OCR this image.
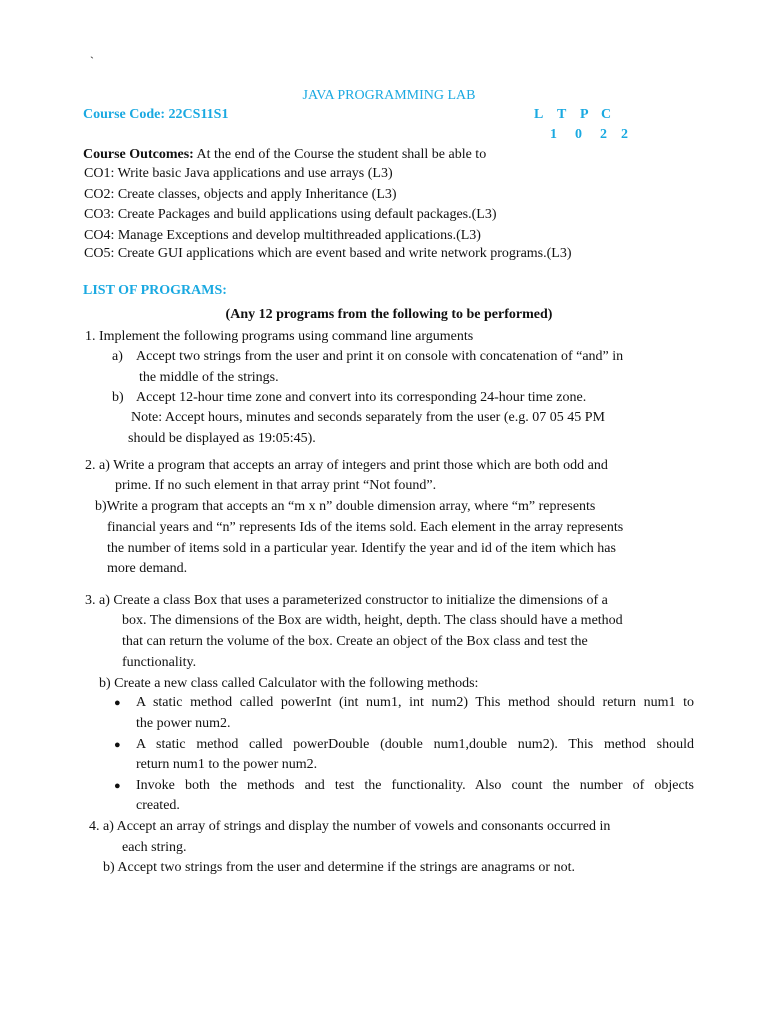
`
JAVA PROGRAMMING LAB
Course Code: 22CS11S1	L T P C
1 0 2 2
Course Outcomes: At the end of the Course the student shall be able to
CO1: Write basic Java applications and use arrays (L3)
CO2: Create classes, objects and apply Inheritance (L3)
CO3: Create Packages and build applications using default packages.(L3)
CO4: Manage Exceptions and develop multithreaded applications.(L3)
CO5: Create GUI applications which are event based and write network programs.(L3)
LIST OF PROGRAMS:
(Any 12 programs from the following to be performed)
1. Implement the following programs using command line arguments
a) Accept two strings from the user and print it on console with concatenation of “and” in
the middle of the strings.
b) Accept 12-hour time zone and convert into its corresponding 24-hour time zone.
Note: Accept hours, minutes and seconds separately from the user (e.g. 07 05 45 PM
should be displayed as 19:05:45).
2. a) Write a program that accepts an array of integers and print those which are both odd and
prime. If no such element in that array print “Not found”.
b)Write a program that accepts an “m x n” double dimension array, where “m” represents
financial years and “n” represents Ids of the items sold. Each element in the array represents
the number of items sold in a particular year. Identify the year and id of the item which has
more demand.
3. a) Create a class Box that uses a parameterized constructor to initialize the dimensions of a
box. The dimensions of the Box are width, height, depth. The class should have a method
that can return the volume of the box. Create an object of the Box class and test the
functionality.
b) Create a new class called Calculator with the following methods:
● A static method called powerInt (int num1, int num2) This method should return num1 to
the power num2.
● A static method called powerDouble (double num1,double num2). This method should
return num1 to the power num2.
● Invoke both the methods and test the functionality. Also count the number of objects
created.
4. a) Accept an array of strings and display the number of vowels and consonants occurred in
each string.
b) Accept two strings from the user and determine if the strings are anagrams or not.
